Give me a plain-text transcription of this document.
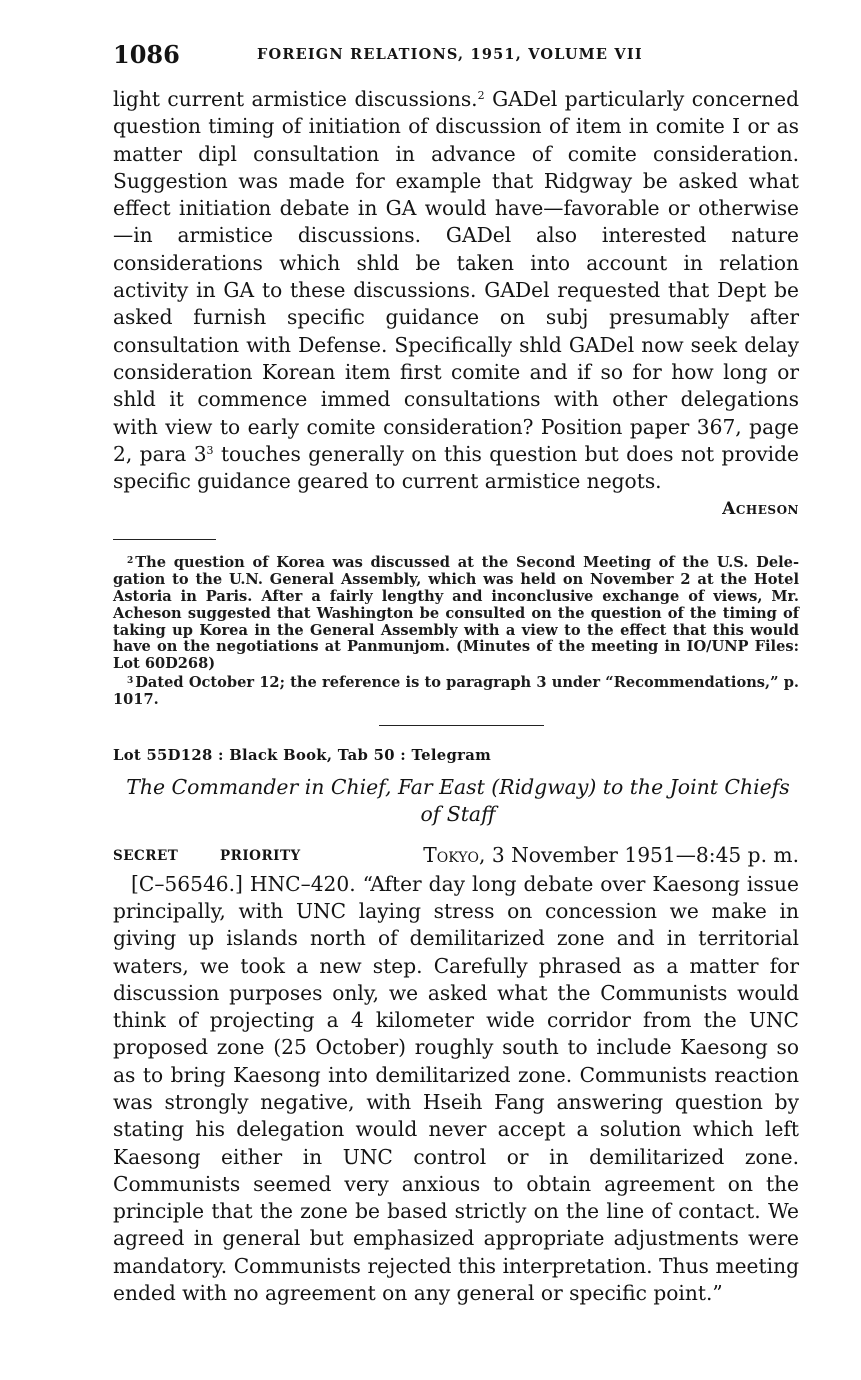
1086	FOREIGN RELATIONS, 1951, VOLUME VII

light current armistice discussions.$^2$ GADel particularly concerned question timing of initiation of discussion of item in comite I or as matter dipl consultation in advance of comite consideration. Suggestion was made for example that Ridgway be asked what effect initiation debate in GA would have—favorable or otherwise—in armistice discussions. GADel also interested nature considerations which shld be taken into account in relation activity in GA to these discussions. GADel requested that Dept be asked furnish specific guidance on subj presumably after consultation with Defense. Specifically shld GADel now seek delay consideration Korean item first comite and if so for how long or shld it commence immed consultations with other delegations with view to early comite consideration? Position paper 367, page 2, para 3$^3$ touches generally on this question but does not provide specific guidance geared to current armistice negots.

Acheson

$^2$ The question of Korea was discussed at the Second Meeting of the U.S. Delegation to the U.N. General Assembly, which was held on November 2 at the Hotel Astoria in Paris. After a fairly lengthy and inconclusive exchange of views, Mr. Acheson suggested that Washington be consulted on the question of the timing of taking up Korea in the General Assembly with a view to the effect that this would have on the negotiations at Panmunjom. (Minutes of the meeting in IO/UNP Files: Lot 60D268)

$^3$ Dated October 12; the reference is to paragraph 3 under “Recommendations,” p. 1017.

Lot 55D128 : Black Book, Tab 50 : Telegram
The Commander in Chief, Far East (Ridgway) to the Joint Chiefs of Staff
SECRET	PRIORITY	Tokyo, 3 November 1951—8:45 p. m.

[C–56546.] HNC–420. “After day long debate over Kaesong issue principally, with UNC laying stress on concession we make in giving up islands north of demilitarized zone and in territorial waters, we took a new step. Carefully phrased as a matter for discussion purposes only, we asked what the Communists would think of projecting a 4 kilometer wide corridor from the UNC proposed zone (25 October) roughly south to include Kaesong so as to bring Kaesong into demilitarized zone. Communists reaction was strongly negative, with Hseih Fang answering question by stating his delegation would never accept a solution which left Kaesong either in UNC control or in demilitarized zone. Communists seemed very anxious to obtain agreement on the principle that the zone be based strictly on the line of contact. We agreed in general but emphasized appropriate adjustments were mandatory. Communists rejected this interpretation. Thus meeting ended with no agreement on any general or specific point.”
